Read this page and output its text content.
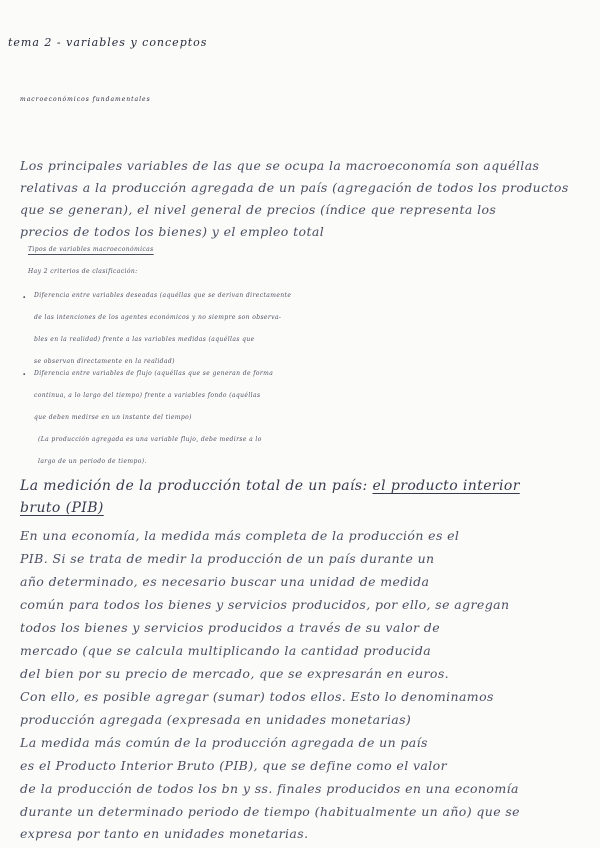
tema 2 - variables y conceptos
macroeconómicos fundamentales
Los principales variables de las que se ocupa la macroeconomía son aquéllas
relativas a la producción agregada de un país (agregación de todos los productos
que se generan), el nivel general de precios (índice que representa los
precios de todos los bienes) y el empleo total
Tipos de variables macroeconómicas
Hay 2 criterios de clasificación:
· Diferencia entre variables deseadas (aquéllas que se derivan directamente
de las intenciones de los agentes económicos y no siempre son observa-
bles en la realidad) frente a las variables medidas (aquéllas que
se observan directamente en la realidad)
· Diferencia entre variables de flujo (aquéllas que se generan de forma
continua, a lo largo del tiempo) frente a variables fondo (aquéllas
que deben medirse en un instante del tiempo)
(La producción agregada es una variable flujo, debe medirse a lo
largo de un periodo de tiempo).
La medición de la producción total de un país: el producto interior
bruto (PIB)
En una economía, la medida más completa de la producción es el
PIB. Si se trata de medir la producción de un país durante un
año determinado, es necesario buscar una unidad de medida
común para todos los bienes y servicios producidos, por ello, se agregan
todos los bienes y servicios producidos a través de su valor de
mercado (que se calcula multiplicando la cantidad producida
del bien por su precio de mercado, que se expresarán en euros.
Con ello, es posible agregar (sumar) todos ellos. Esto lo denominamos
producción agregada (expresada en unidades monetarias)
La medida más común de la producción agregada de un país
es el Producto Interior Bruto (PIB), que se define como el valor
de la producción de todos los bn y ss. finales producidos en una economía
durante un determinado periodo de tiempo (habitualmente un año) que se
expresa por tanto en unidades monetarias.
